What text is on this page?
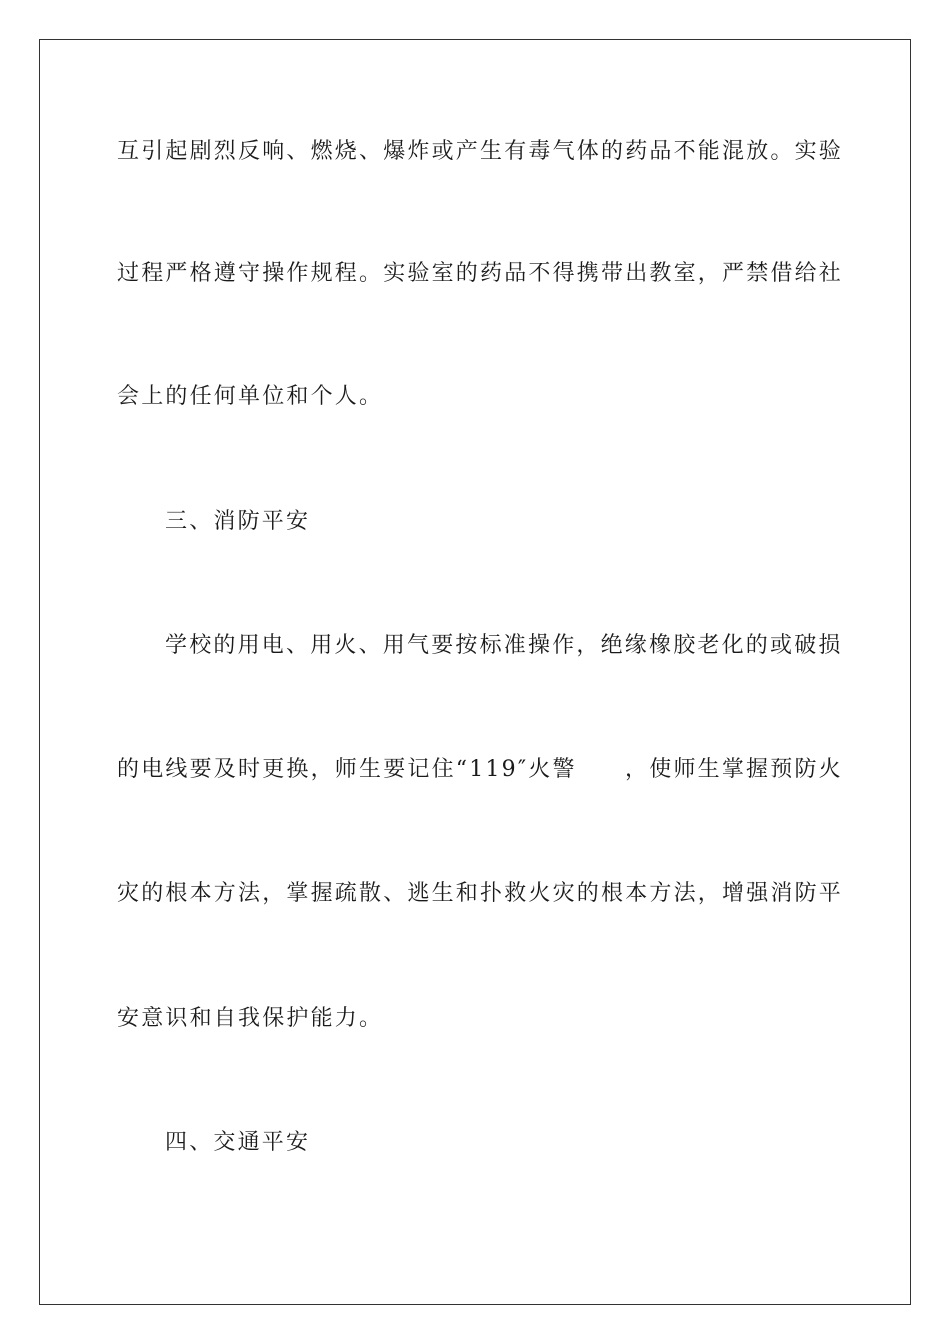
互引起剧烈反响、燃烧、爆炸或产生有毒气体的药品不能混放。实验
过程严格遵守操作规程。实验室的药品不得携带出教室，严禁借给社
会上的任何单位和个人。
三、消防平安
学校的用电、用火、用气要按标准操作，绝缘橡胶老化的或破损
的电线要及时更换，师生要记住“119″火警　　，使师生掌握预防火
灾的根本方法，掌握疏散、逃生和扑救火灾的根本方法，增强消防平
安意识和自我保护能力。
四、交通平安
